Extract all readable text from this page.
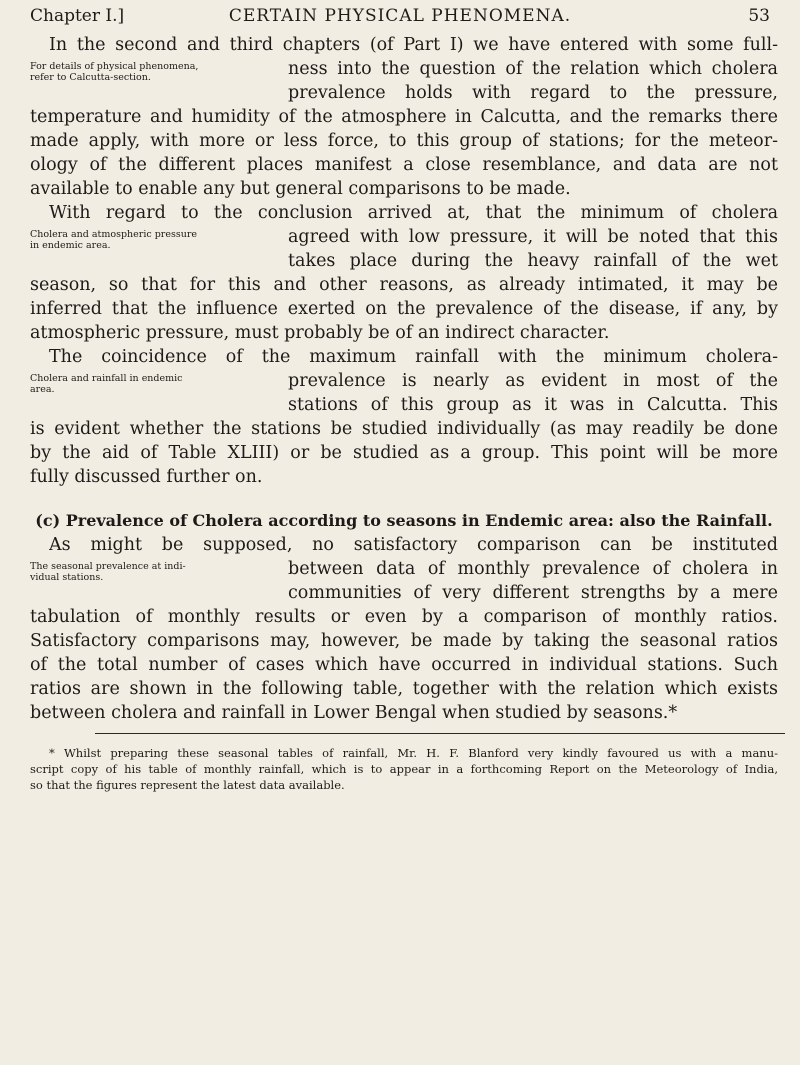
Chapter I.]	CERTAIN PHYSICAL PHENOMENA.	53
In the second and third chapters (of Part I) we have entered with some full-
For details of physical phenomena,
refer to Calcutta-section.	ness into the question of the relation which cholera
prevalence holds with regard to the pressure,
temperature and humidity of the atmosphere in Calcutta, and the remarks there
made apply, with more or less force, to this group of stations; for the meteor-
ology of the different places manifest a close resemblance, and data are not
available to enable any but general comparisons to be made.
With regard to the conclusion arrived at, that the minimum of cholera
Cholera and atmospheric pressure
in endemic area.	agreed with low pressure, it will be noted that this
takes place during the heavy rainfall of the wet
season, so that for this and other reasons, as already intimated, it may be
inferred that the influence exerted on the prevalence of the disease, if any, by
atmospheric pressure, must probably be of an indirect character.
The coincidence of the maximum rainfall with the minimum cholera-
Cholera and rainfall in endemic
area.	prevalence is nearly as evident in most of the
stations of this group as it was in Calcutta. This
is evident whether the stations be studied individually (as may readily be done
by the aid of Table XLIII) or be studied as a group. This point will be more
fully discussed further on.
(c) Prevalence of Cholera according to seasons in Endemic area: also the Rainfall.
As might be supposed, no satisfactory comparison can be instituted
The seasonal prevalence at indi-
vidual stations.	between data of monthly prevalence of cholera in
communities of very different strengths by a mere
tabulation of monthly results or even by a comparison of monthly ratios.
Satisfactory comparisons may, however, be made by taking the seasonal ratios
of the total number of cases which have occurred in individual stations. Such
ratios are shown in the following table, together with the relation which exists
between cholera and rainfall in Lower Bengal when studied by seasons.*
* Whilst preparing these seasonal tables of rainfall, Mr. H. F. Blanford very kindly favoured us with a manu-
script copy of his table of monthly rainfall, which is to appear in a forthcoming Report on the Meteorology of India,
so that the figures represent the latest data available.
